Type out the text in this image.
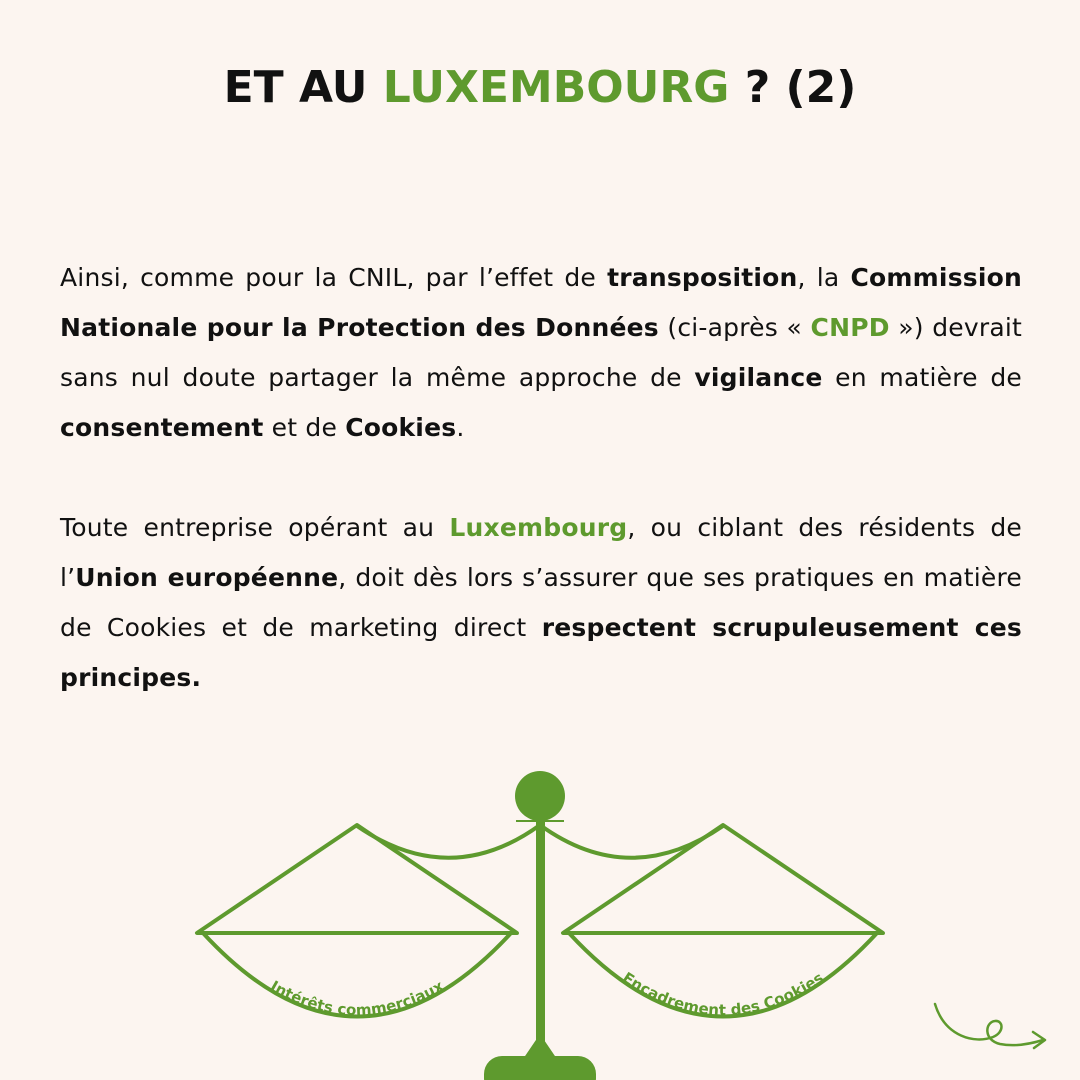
ET AU LUXEMBOURG ? (2)

Ainsi, comme pour la CNIL, par l’effet de transposition, la Commission Nationale pour la Protection des Données (ci-après « CNPD ») devrait sans nul doute partager la même approche de vigilance en matière de consentement et de Cookies.

Toute entreprise opérant au Luxembourg, ou ciblant des résidents de l’Union européenne, doit dès lors s’assurer que ses pratiques en matière de Cookies et de marketing direct respectent scrupuleusement ces principes.

Intérêts commerciaux	Encadrement des Cookies
